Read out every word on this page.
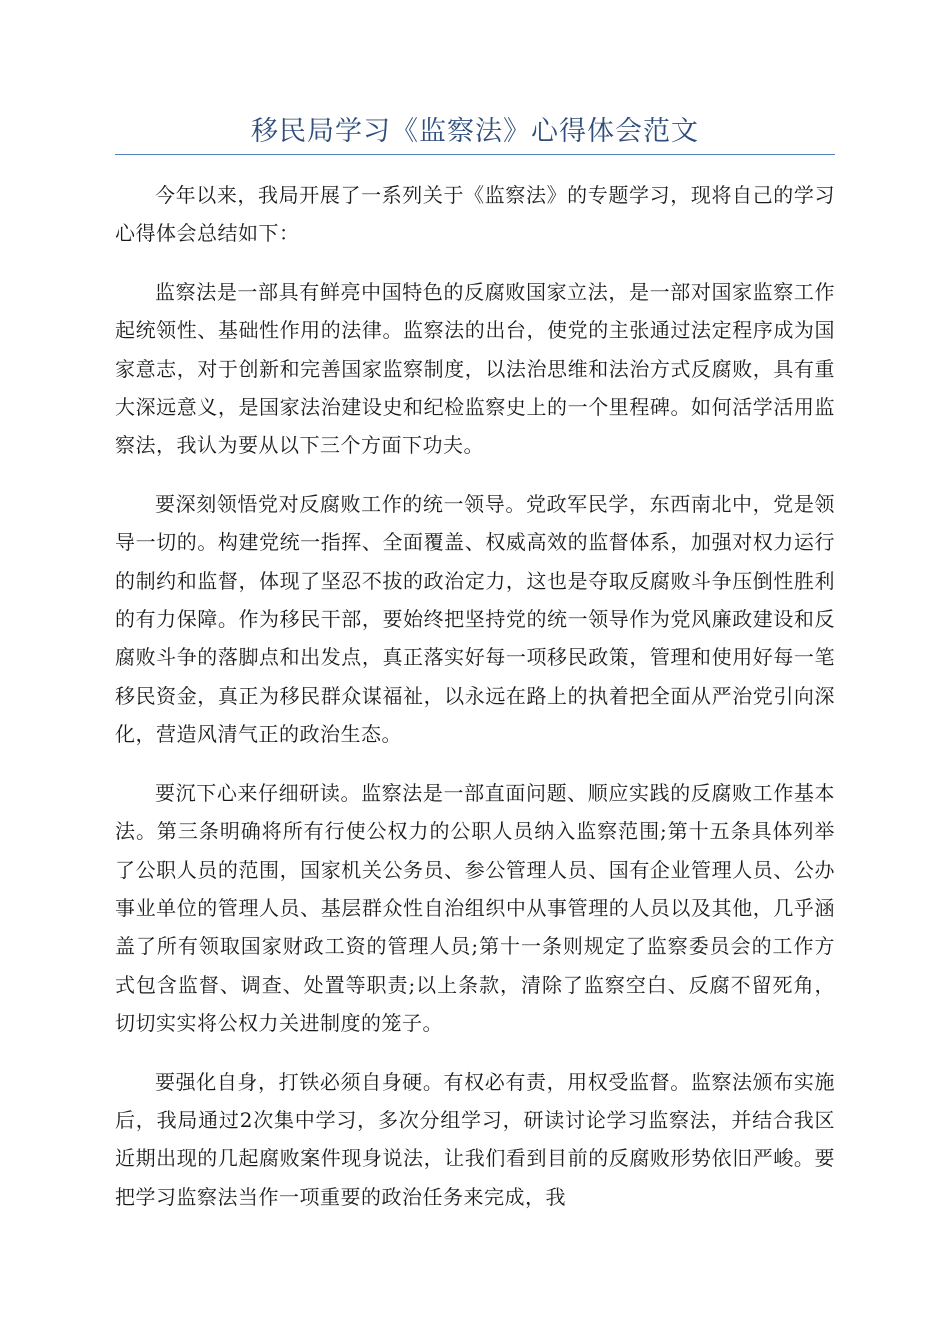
移民局学习《监察法》心得体会范文

今年以来，我局开展了一系列关于《监察法》的专题学习，现将自己的学习心得体会总结如下：

监察法是一部具有鲜亮中国特色的反腐败国家立法，是一部对国家监察工作起统领性、基础性作用的法律。监察法的出台，使党的主张通过法定程序成为国家意志，对于创新和完善国家监察制度，以法治思维和法治方式反腐败，具有重大深远意义，是国家法治建设史和纪检监察史上的一个里程碑。如何活学活用监察法，我认为要从以下三个方面下功夫。

要深刻领悟党对反腐败工作的统一领导。党政军民学，东西南北中，党是领导一切的。构建党统一指挥、全面覆盖、权威高效的监督体系，加强对权力运行的制约和监督，体现了坚忍不拔的政治定力，这也是夺取反腐败斗争压倒性胜利的有力保障。作为移民干部，要始终把坚持党的统一领导作为党风廉政建设和反腐败斗争的落脚点和出发点，真正落实好每一项移民政策，管理和使用好每一笔移民资金，真正为移民群众谋福祉，以永远在路上的执着把全面从严治党引向深化，营造风清气正的政治生态。

要沉下心来仔细研读。监察法是一部直面问题、顺应实践的反腐败工作基本法。第三条明确将所有行使公权力的公职人员纳入监察范围;第十五条具体列举了公职人员的范围，国家机关公务员、参公管理人员、国有企业管理人员、公办事业单位的管理人员、基层群众性自治组织中从事管理的人员以及其他，几乎涵盖了所有领取国家财政工资的管理人员;第十一条则规定了监察委员会的工作方式包含监督、调查、处置等职责;以上条款，清除了监察空白、反腐不留死角，切切实实将公权力关进制度的笼子。

要强化自身，打铁必须自身硬。有权必有责，用权受监督。监察法颁布实施后，我局通过2次集中学习，多次分组学习，研读讨论学习监察法，并结合我区近期出现的几起腐败案件现身说法，让我们看到目前的反腐败形势依旧严峻。要把学习监察法当作一项重要的政治任务来完成，我
